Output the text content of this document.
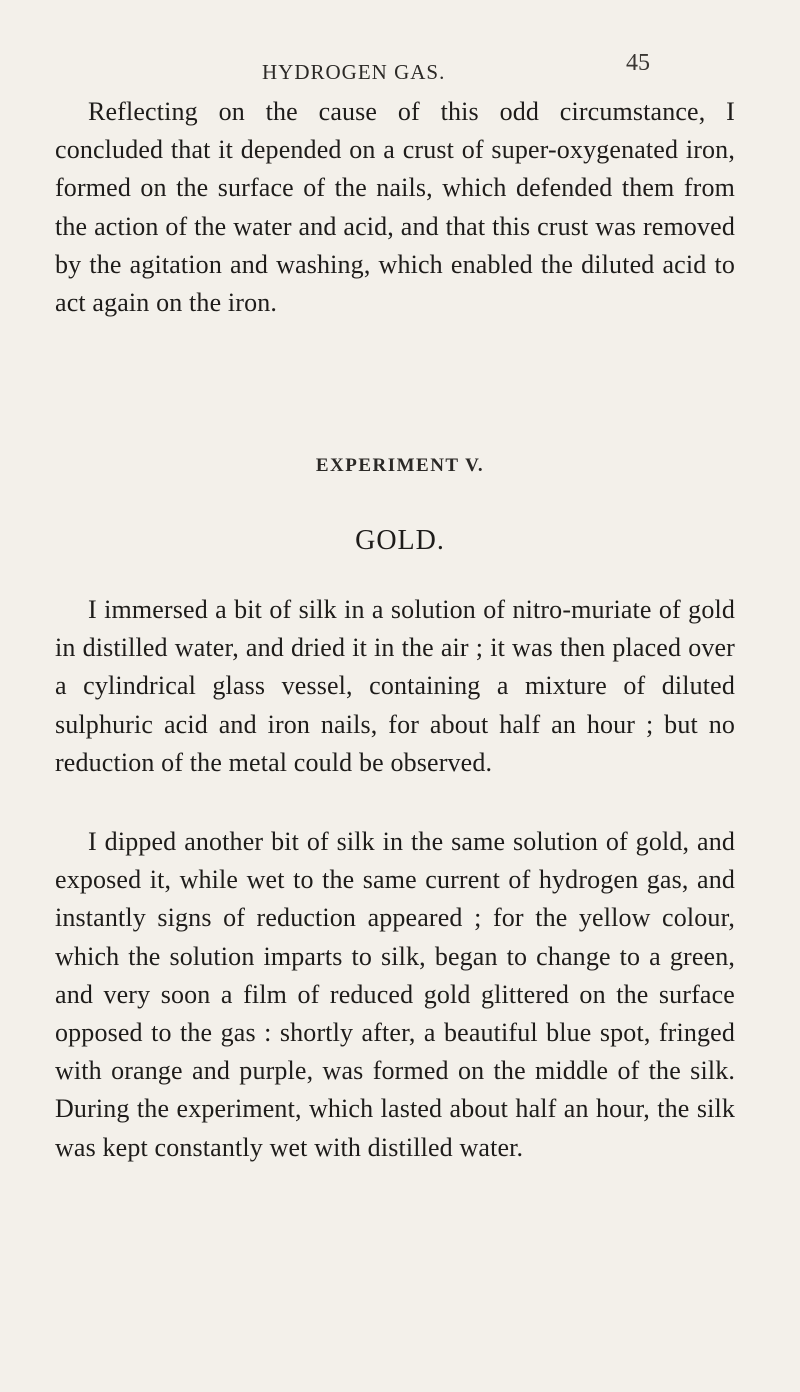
HYDROGEN GAS.	45

Reflecting on the cause of this odd circumstance, I concluded that it depended on a crust of super-oxygenated iron, formed on the surface of the nails, which defended them from the action of the water and acid, and that this crust was removed by the agitation and washing, which enabled the diluted acid to act again on the iron.

EXPERIMENT V.
GOLD.

I immersed a bit of silk in a solution of nitro-muriate of gold in distilled water, and dried it in the air ; it was then placed over a cylindrical glass vessel, containing a mixture of diluted sulphuric acid and iron nails, for about half an hour ; but no reduction of the metal could be observed.

I dipped another bit of silk in the same solution of gold, and exposed it, while wet to the same current of hydrogen gas, and instantly signs of reduction appeared ; for the yellow colour, which the solution imparts to silk, began to change to a green, and very soon a film of reduced gold glittered on the surface opposed to the gas : shortly after, a beautiful blue spot, fringed with orange and purple, was formed on the middle of the silk. During the experiment, which lasted about half an hour, the silk was kept constantly wet with distilled water.
